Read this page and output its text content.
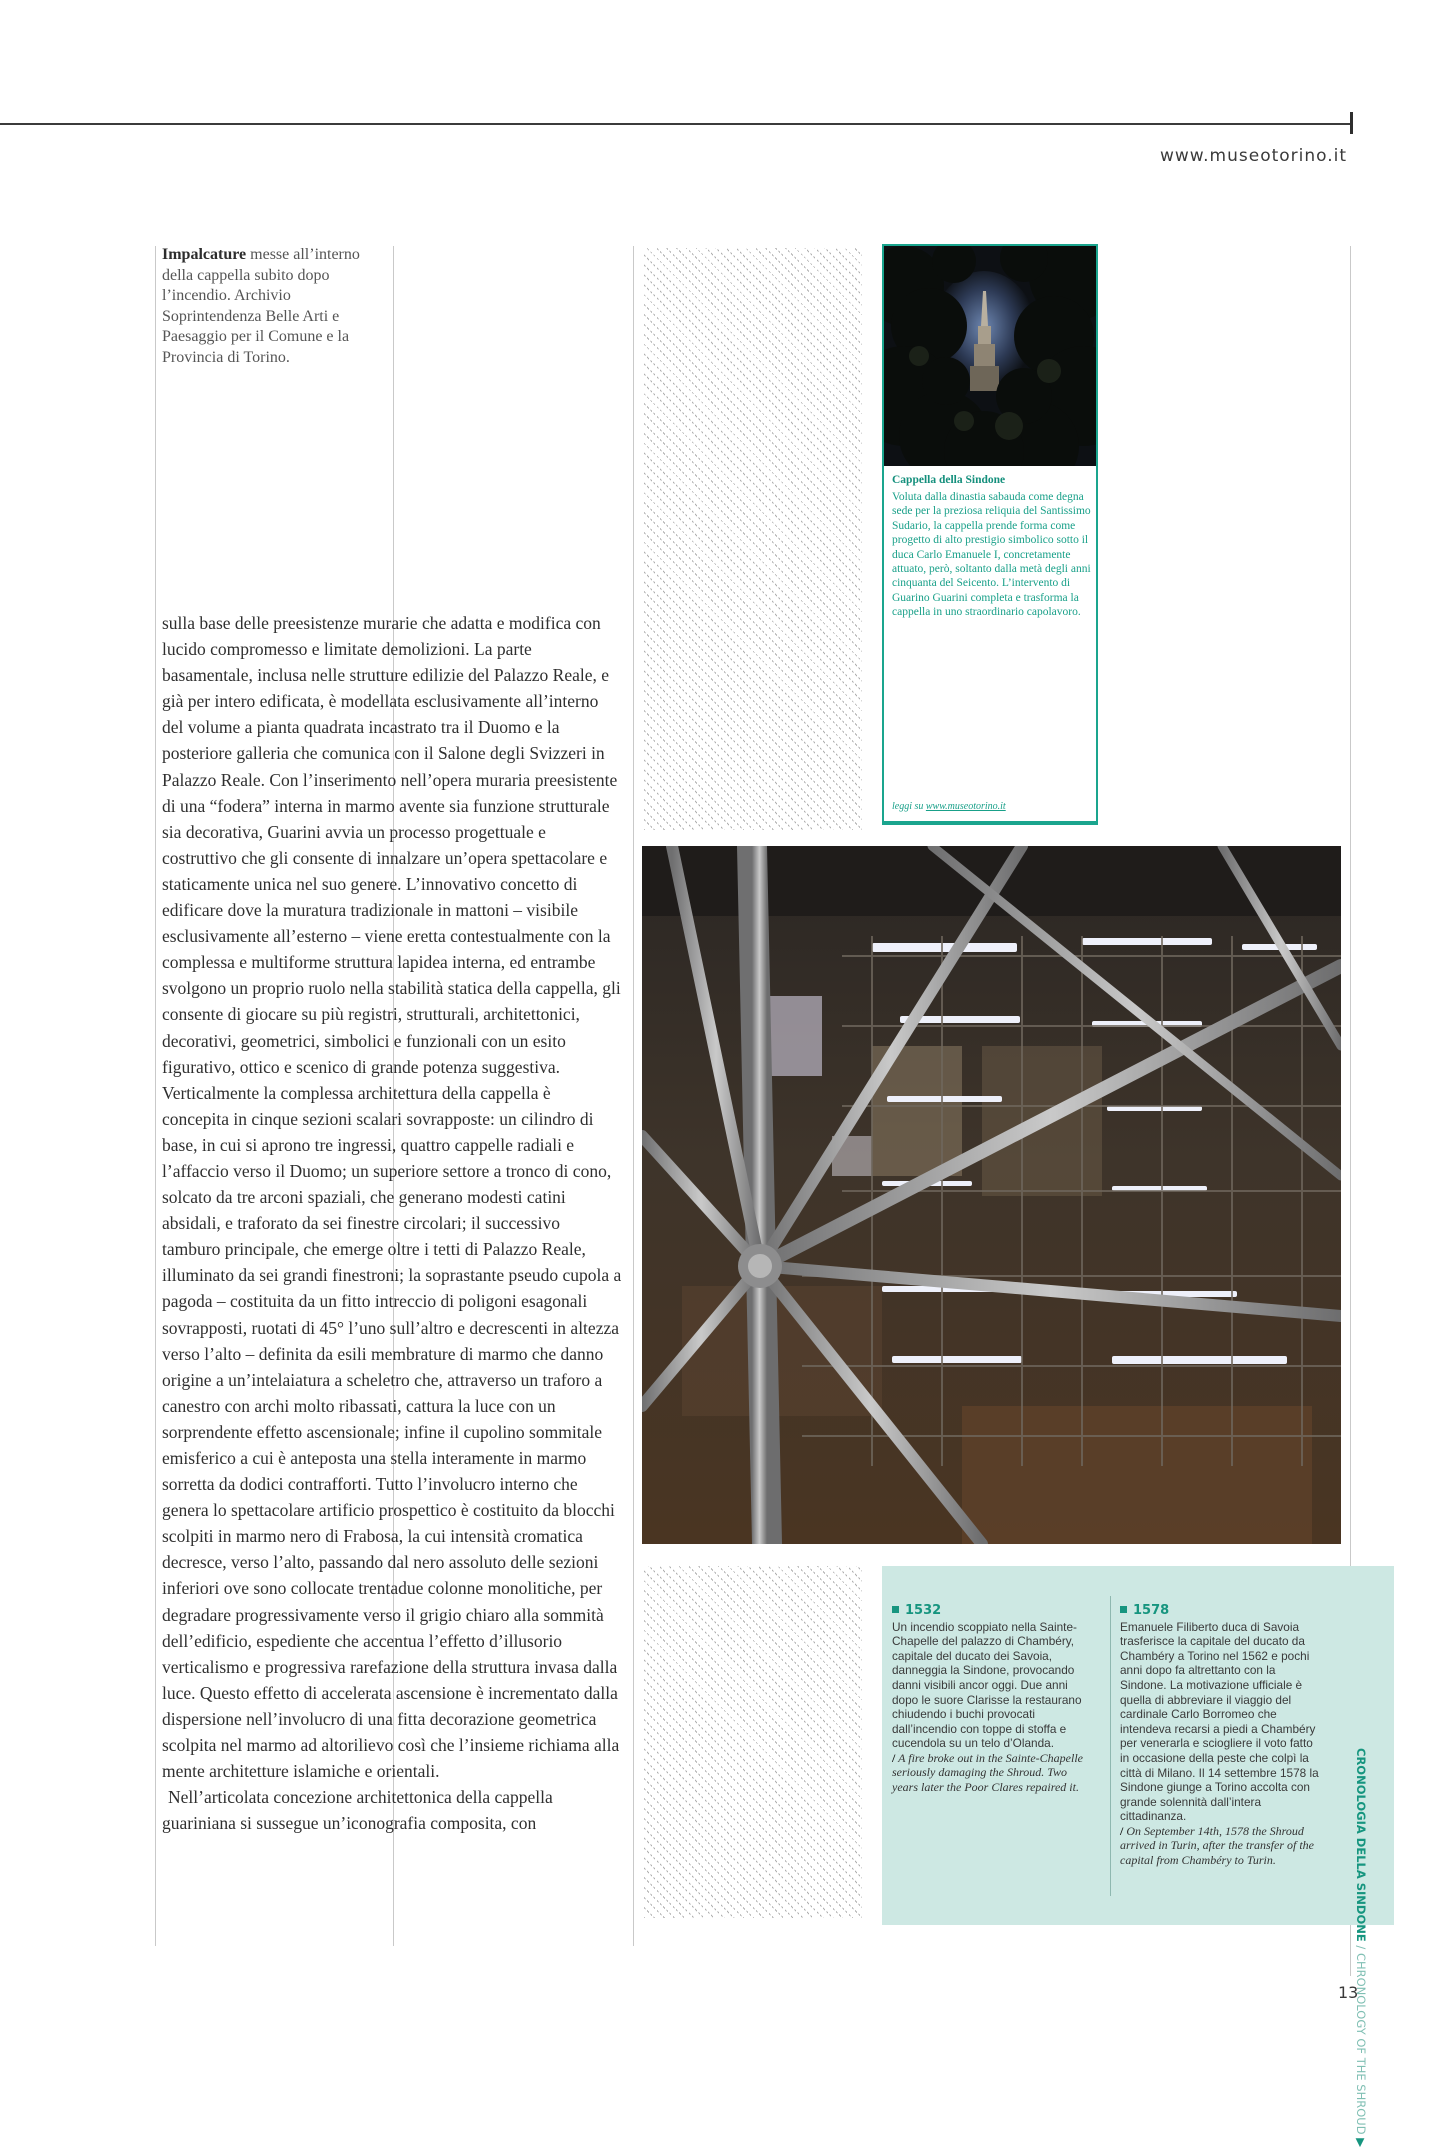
www.museotorino.it
Impalcature messe all’interno della cappella subito dopo l’incendio. Archivio Soprintendenza Belle Arti e Paesaggio per il Comune e la Provincia di Torino.

sulla base delle preesistenze murarie che adatta e modifica con lucido compromesso e limitate demolizioni. La parte basamentale, inclusa nelle strutture edilizie del Palazzo Reale, e già per intero edificata, è modellata esclusivamente all’interno del volume a pianta quadrata incastrato tra il Duomo e la posteriore galleria che comunica con il Salone degli Svizzeri in Palazzo Reale. Con l’inserimento nell’opera muraria preesistente di una “fodera” interna in marmo avente sia funzione strutturale sia decorativa, Guarini avvia un processo progettuale e costruttivo che gli consente di innalzare un’opera spettacolare e staticamente unica nel suo genere. L’innovativo concetto di edificare dove la muratura tradizionale in mattoni – visibile esclusivamente all’esterno – viene eretta contestualmente con la complessa e multiforme struttura lapidea interna, ed entrambe svolgono un proprio ruolo nella stabilità statica della cappella, gli consente di giocare su più registri, strutturali, architettonici, decorativi, geometrici, simbolici e funzionali con un esito figurativo, ottico e scenico di grande potenza suggestiva. Verticalmente la complessa architettura della cappella è concepita in cinque sezioni scalari sovrapposte: un cilindro di base, in cui si aprono tre ingressi, quattro cappelle radiali e l’affaccio verso il Duomo; un superiore settore a tronco di cono, solcato da tre arconi spaziali, che generano modesti catini absidali, e traforato da sei finestre circolari; il successivo tamburo principale, che emerge oltre i tetti di Palazzo Reale, illuminato da sei grandi finestroni; la soprastante pseudo cupola a pagoda – costituita da un fitto intreccio di poligoni esagonali sovrapposti, ruotati di 45° l’uno sull’altro e decrescenti in altezza verso l’alto – definita da esili membrature di marmo che danno origine a un’intelaiatura a scheletro che, attraverso un traforo a canestro con archi molto ribassati, cattura la luce con un sorprendente effetto ascensionale; infine il cupolino sommitale emisferico a cui è anteposta una stella interamente in marmo sorretta da dodici contrafforti. Tutto l’involucro interno che genera lo spettacolare artificio prospettico è costituito da blocchi scolpiti in marmo nero di Frabosa, la cui intensità cromatica decresce, verso l’alto, passando dal nero assoluto delle sezioni inferiori ove sono collocate trentadue colonne monolitiche, per degradare progressivamente verso il grigio chiaro alla sommità dell’edificio, espediente che accentua l’effetto d’illusorio verticalismo e progressiva rarefazione della struttura invasa dalla luce. Questo effetto di accelerata ascensione è incrementato dalla dispersione nell’involucro di una fitta decorazione geometrica scolpita nel marmo ad altorilievo così che l’insieme richiama alla mente architetture islamiche e orientali.

Nell’articolata concezione architettonica della cappella guariniana si sussegue un’iconografia composita, con

Cappella della Sindone
Voluta dalla dinastia sabauda come degna sede per la preziosa reliquia del Santissimo Sudario, la cappella prende forma come progetto di alto prestigio simbolico sotto il duca Carlo Emanuele I, concretamente attuato, però, soltanto dalla metà degli anni cinquanta del Seicento. L’intervento di Guarino Guarini completa e trasforma la cappella in uno straordinario capolavoro.
leggi su www.museotorino.it
1532
Un incendio scoppiato nella Sainte-Chapelle del palazzo di Chambéry, capitale del ducato dei Savoia, danneggia la Sindone, provocando danni visibili ancor oggi. Due anni dopo le suore Clarisse la restaurano chiudendo i buchi provocati dall’incendio con toppe di stoffa e cucendola su un telo d’Olanda.
/ A fire broke out in the Sainte-Chapelle seriously damaging the Shroud. Two years later the Poor Clares repaired it.
1578
Emanuele Filiberto duca di Savoia trasferisce la capitale del ducato da Chambéry a Torino nel 1562 e pochi anni dopo fa altrettanto con la Sindone. La motivazione ufficiale è quella di abbreviare il viaggio del cardinale Carlo Borromeo che intendeva recarsi a piedi a Chambéry per venerarla e sciogliere il voto fatto in occasione della peste che colpì la città di Milano. Il 14 settembre 1578 la Sindone giunge a Torino accolta con grande solennità dall’intera cittadinanza.
/ On September 14th, 1578 the Shroud arrived in Turin, after the transfer of the capital from Chambéry to Turin.	CRONOLOGIA DELLA SINDONE / CHRONOLOGY OF THE SHROUD ▶
13
